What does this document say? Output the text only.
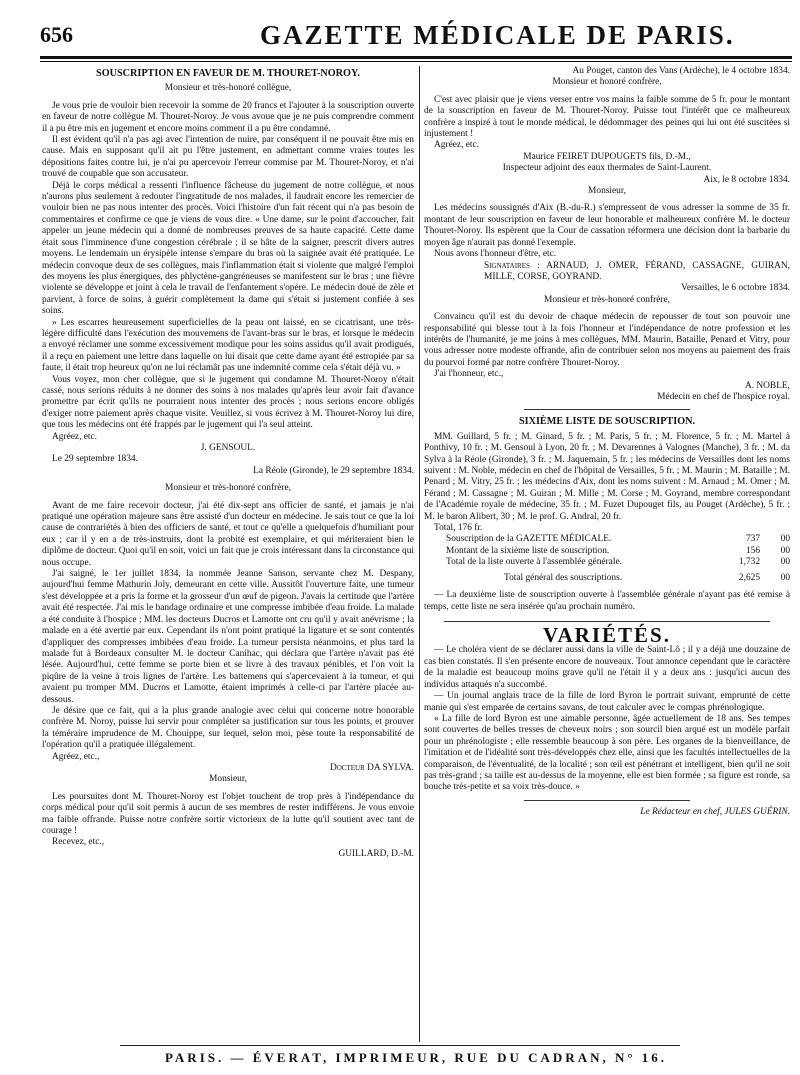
656	GAZETTE MÉDICALE DE PARIS.
SOUSCRIPTION EN FAVEUR DE M. THOURET-NOROY.

Monsieur et très-honoré collègue,

Je vous prie de vouloir bien recevoir la somme de 20 francs et l'ajouter à la souscription ouverte en faveur de notre collègue M. Thouret-Noroy. Je vous avoue que je ne puis comprendre comment il a pu être mis en jugement et encore moins comment il a pu être condamné.

Il est évident qu'il n'a pas agi avec l'intention de nuire, par conséquent il ne pouvait être mis en cause. Mais en supposant qu'il ait pu l'être justement, en admettant comme vraies toutes les dépositions faites contre lui, je n'ai pu apercevoir l'erreur commise par M. Thouret-Noroy, et n'ai trouvé de coupable que son accusateur.

Déjà le corps médical a ressenti l'influence fâcheuse du jugement de notre collègue, et nous n'aurons plus seulement à redouter l'ingratitude de nos malades, il faudrait encore les remercier de vouloir bien ne pas nous intenter des procès. Voici l'histoire d'un fait récent qui n'a pas besoin de commentaires et confirme ce que je viens de vous dire. « Une dame, sur le point d'accoucher, fait appeler un jeune médecin qui a donné de nombreuses preuves de sa haute capacité. Cette dame était sous l'imminence d'une congestion cérébrale ; il se hâte de la saigner, prescrit divers autres moyens. Le lendemain un érysipèle intense s'empare du bras où la saignée avait été pratiquée. Le médecin convoque deux de ses collègues, mais l'inflammation était si violente que malgré l'emploi des moyens les plus énergiques, des phlyctène-gangréneuses se manifestent sur le bras ; une fièvre violente se développe et joint à cela le travail de l'enfantement s'opère. Le médecin doué de zèle et parvient, à force de soins, à guérir complètement la dame qui s'était si justement confiée à ses soins.

» Les escarres heureusement superficielles de la peau ont laissé, en se cicatrisant, une très-légère difficulté dans l'exécution des mouvemens de l'avant-bras sur le bras, et lorsque le médecin a envoyé réclamer une somme excessivement modique pour les soins assidus qu'il avait prodigués, il a reçu en paiement une lettre dans laquelle on lui disait que cette dame ayant été estropiée par sa faute, il était trop heureux qu'on ne lui réclamât pas une indemnité comme cela s'était déjà vu. »

Vous voyez, mon cher collègue, que si le jugement qui condamne M. Thouret-Noroy n'était cassé, nous serions réduits à ne donner des soins à nos malades qu'après leur avoir fait d'avance promettre par écrit qu'ils ne pourraient nous intenter des procès ; nous serions encore obligés d'exiger notre paiement après chaque visite. Veuillez, si vous écrivez à M. Thouret-Noroy lui dire, que tous les médecins ont été frappés par le jugement qui l'a seul atteint.

Agréez, etc.

J. GENSOUL.

Le 29 septembre 1834.

La Réole (Gironde), le 29 septembre 1834.

Monsieur et très-honoré confrère,

Avant de me faire recevoir docteur, j'ai été dix-sept ans officier de santé, et jamais je n'ai pratiqué une opération majeure sans être assisté d'un docteur en médecine. Je sais tout ce que la loi cause de contrariétés à bien des officiers de santé, et tout ce qu'elle a quelquefois d'humiliant pour eux ; car il y en a de très-instruits, dont la probité est exemplaire, et qui mériteraient bien le diplôme de docteur. Quoi qu'il en soit, voici un fait que je crois intéressant dans la circonstance qui nous occupe.

J'ai saigné, le 1er juillet 1834, la nommée Jeanne Sanson, servante chez M. Despany, aujourd'hui femme Mathurin Joly, demeurant en cette ville. Aussitôt l'ouverture faite, une tumeur s'est développée et a pris la forme et la grosseur d'un œuf de pigeon. J'avais la certitude que l'artère avait été respectée. J'ai mis le bandage ordinaire et une compresse imbibée d'eau froide. La malade a été conduite à l'hospice ; MM. les docteurs Ducros et Lamotte ont cru qu'il y avait anévrisme ; la malade en a été avertie par eux. Cependant ils n'ont point pratiqué la ligature et se sont contentés d'appliquer des compresses imbibées d'eau froide. La tumeur persista néanmoins, et plus tard la malade fut à Bordeaux consulter M. le docteur Canihac, qui déclara que l'artère n'avait pas été lésée. Aujourd'hui, cette femme se porte bien et se livre à des travaux pénibles, et l'on voit la piqûre de la veine à trois lignes de l'artère. Les battemens qui s'apercevaient à la tumeur, et qui avaient pu tromper MM. Ducros et Lamotte, étaient imprimés à celle-ci par l'artère placée au-dessous.

Je désire que ce fait, qui a la plus grande analogie avec celui qui concerne notre honorable confrère M. Noroy, puisse lui servir pour compléter sa justification sur tous les points, et prouver la téméraire imprudence de M. Chouippe, sur lequel, selon moi, pèse toute la responsabilité de l'opération qu'il a pratiquée illégalement.

Agréez, etc.,

Docteur DA SYLVA.

Monsieur,

Les poursuites dont M. Thouret-Noroy est l'objet touchent de trop près à l'indépendance du corps médical pour qu'il soit permis à aucun de ses membres de rester indifférens. Je vous envoie ma faible offrande. Puisse notre confrère sortir victorieux de la lutte qu'il soutient avec tant de courage !

Recevez, etc.,

GUILLARD, D.-M.

Au Pouget, canton des Vans (Ardèche), le 4 octobre 1834.

Monsieur et honoré confrère,

C'est avec plaisir que je viens verser entre vos mains la faible somme de 5 fr. pour le montant de la souscription en faveur de M. Thouret-Noroy. Puisse tout l'intérêt que ce malheureux confrère a inspiré à tout le monde médical, le dédommager des peines qui lui ont été suscitées si injustement !

Agréez, etc.

Maurice FEIRET DUPOUGETS fils, D.-M.,

Inspecteur adjoint des eaux thermales de Saint-Laurent.

Aix, le 8 octobre 1834.

Monsieur,

Les médecins soussignés d'Aix (B.-du-R.) s'empressent de vous adresser la somme de 35 fr. montant de leur souscription en faveur de leur honorable et malheureux confrère M. le docteur Thouret-Noroy. Ils espèrent que la Cour de cassation réformera une décision dont la barbarie du moyen âge n'aurait pas donné l'exemple.

Nous avons l'honneur d'être, etc.

Signataires : ARNAUD, J. OMER, FÉRAND, CASSAGNE, GUIRAN, MILLE, CORSE, GOYRAND.

Versailles, le 6 octobre 1834.

Monsieur et très-honoré confrère,

Convaincu qu'il est du devoir de chaque médecin de repousser de tout son pouvoir une responsabilité qui blesse tout à la fois l'honneur et l'indépendance de notre profession et les intérêts de l'humanité, je me joins à mes collègues, MM. Maurin, Bataille, Penard et Vitry, pour vous adresser notre modeste offrande, afin de contribuer selon nos moyens au paiement des frais du pourvoi formé par notre confrère Thouret-Noroy.

J'ai l'honneur, etc.,

A. NOBLE,

Médecin en chef de l'hospice royal.

SIXIÈME LISTE DE SOUSCRIPTION.

MM. Guillard, 5 fr. ; M. Ginard, 5 fr. ; M. Paris, 5 fr. ; M. Florence, 5 fr. ; M. Martel à Ponthivy, 10 fr. ; M. Gensoul à Lyon, 20 fr. ; M. Devarennes à Valognes (Manche), 3 fr. ; M. da Sylva à la Réole (Gironde), 3 fr. ; M. Jaquemain, 5 fr. ; les médecins de Versailles dont les noms suivent : M. Noble, médecin en chef de l'hôpital de Versailles, 5 fr. ; M. Maurin ; M. Bataille ; M. Penard ; M. Vitry, 25 fr. ; les médecins d'Aix, dont les noms suivent : M. Arnaud ; M. Omer ; M. Férand ; M. Cassagne ; M. Guiran ; M. Mille ; M. Corse ; M. Goyrand, membre correspondant de l'Académie royale de médecine, 35 fr. ; M. Fuzet Dupouget fils, au Pouget (Ardèche), 5 fr. ; M. le baron Alibert, 30 ; M. le prof. G. Andral, 20 fr.

Total, 176 fr.

Souscription de la GAZETTE MÉDICALE.	737	00
Montant de la sixième liste de souscription.	156	00
Total de la liste ouverte à l'assemblée générale.	1,732	00

Total général des souscriptions.	2,625	00

— La deuxième liste de souscription ouverte à l'assemblée générale n'ayant pas été remise à temps, cette liste ne sera insérée qu'au prochain numéro.

VARIÉTÉS.

— Le choléra vient de se déclarer aussi dans la ville de Saint-Lô ; il y a déjà une douzaine de cas bien constatés. Il s'en présente encore de nouveaux. Tout annonce cependant que le caractère de la maladie est beaucoup moins grave qu'il ne l'était il y a deux ans : jusqu'ici aucun des individus attaqués n'a succombé.

— Un journal anglais trace de la fille de lord Byron le portrait suivant, emprunté de cette manie qui s'est emparée de certains savans, de tout calculer avec le compas phrénologique.

« La fille de lord Byron est une aimable personne, âgée actuellement de 18 ans. Ses tempes sont couvertes de belles tresses de cheveux noirs ; son sourcil bien arqué est un modèle parfait pour un phrénologiste ; elle ressemble beaucoup à son père. Les organes de la bienveillance, de l'imitation et de l'idéalité sont très-développés chez elle, ainsi que les facultés intellectuelles de la comparaison, de l'éventualité, de la localité ; son œil est pénétrant et intelligent, bien qu'il ne soit pas très-grand ; sa taille est au-dessus de la moyenne, elle est bien formée ; sa figure est ronde, sa bouche très-petite et sa voix très-douce. »

Le Rédacteur en chef, JULES GUÉRIN.

PARIS. — ÉVERAT, IMPRIMEUR, RUE DU CADRAN, N° 16.
